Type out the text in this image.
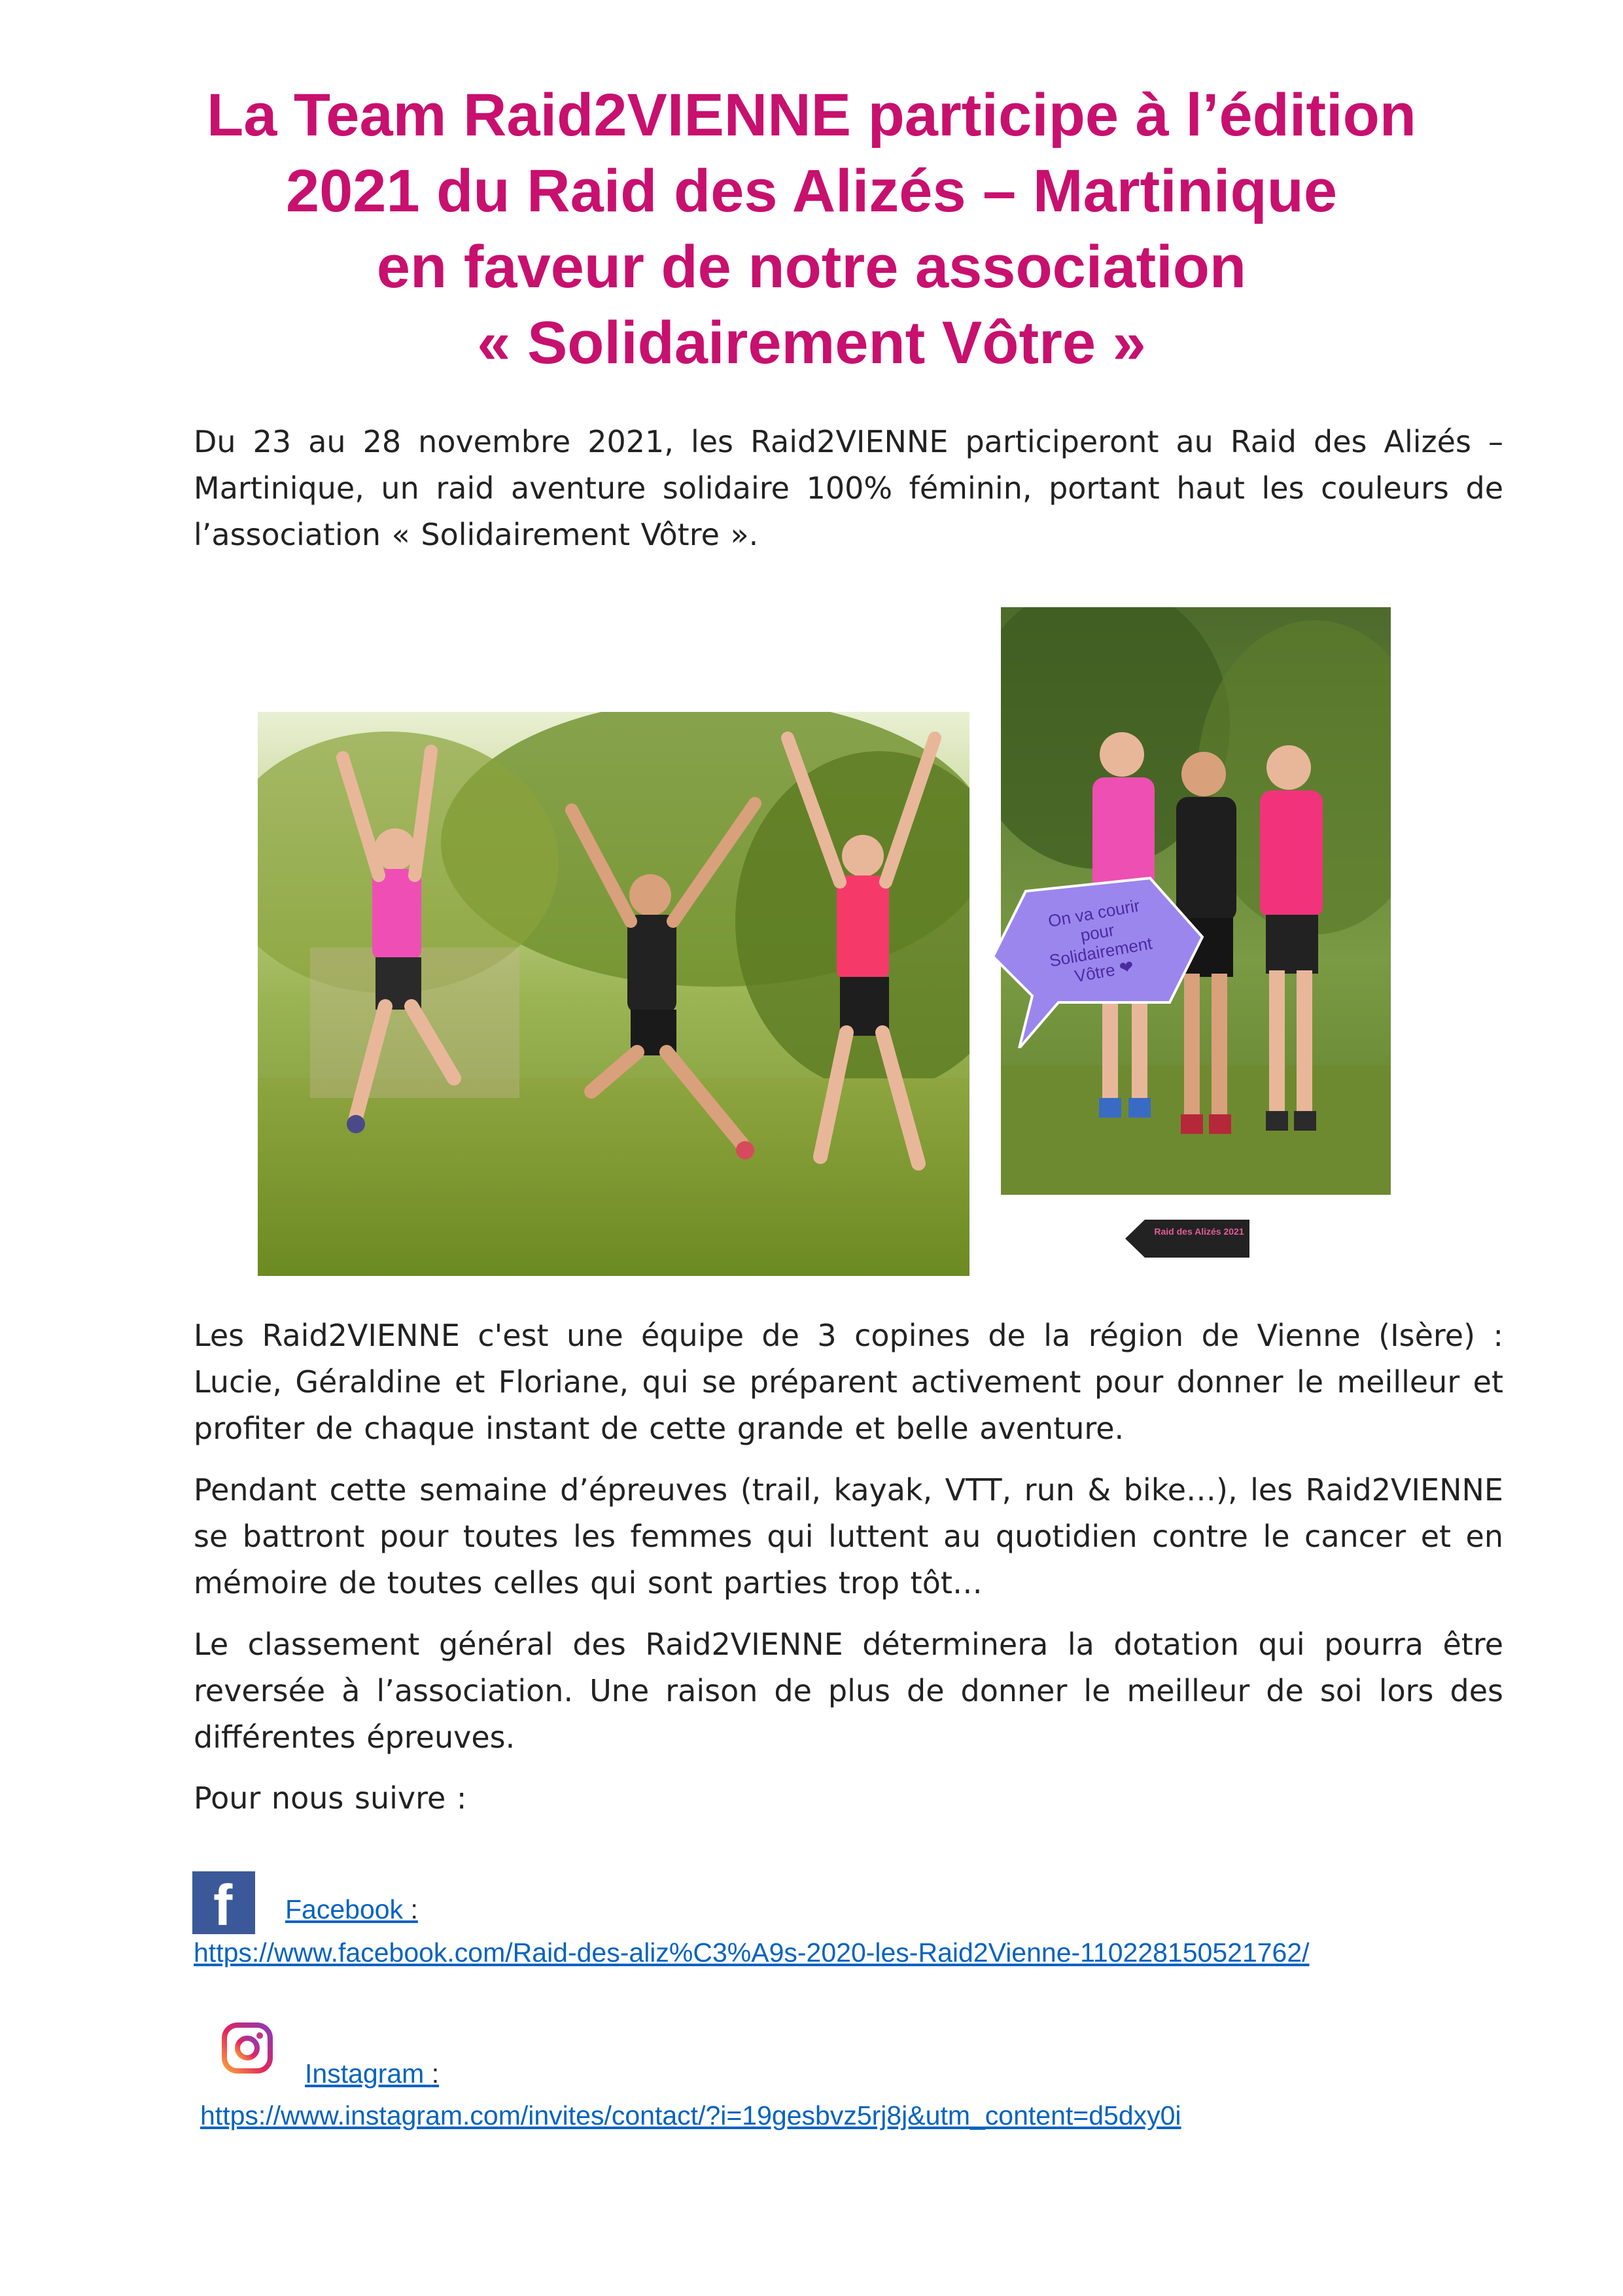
La Team Raid2VIENNE participe à l’édition
2021 du Raid des Alizés – Martinique
en faveur de notre association
« Solidairement Vôtre »

Du 23 au 28 novembre 2021, les Raid2VIENNE participeront au Raid des Alizés – Martinique, un raid aventure solidaire 100% féminin, portant haut les couleurs de l’association « Solidairement Vôtre ».

On va courir pour Solidairement Vôtre ❤
Raid des Alizés 2021

Les Raid2VIENNE c'est une équipe de 3 copines de la région de Vienne (Isère) : Lucie, Géraldine et Floriane, qui se préparent activement pour donner le meilleur et profiter de chaque instant de cette grande et belle aventure.

Pendant cette semaine d’épreuves (trail, kayak, VTT, run & bike…), les Raid2VIENNE se battront pour toutes les femmes qui luttent au quotidien contre le cancer et en mémoire de toutes celles qui sont parties trop tôt…

Le classement général des Raid2VIENNE déterminera la dotation qui pourra être reversée à l’association. Une raison de plus de donner le meilleur de soi lors des différentes épreuves.

Pour nous suivre :

f Facebook :

https://www.facebook.com/Raid-des-aliz%C3%A9s-2020-les-Raid2Vienne-110228150521762/

Instagram :

https://www.instagram.com/invites/contact/?i=19gesbvz5rj8j&utm_content=d5dxy0i
